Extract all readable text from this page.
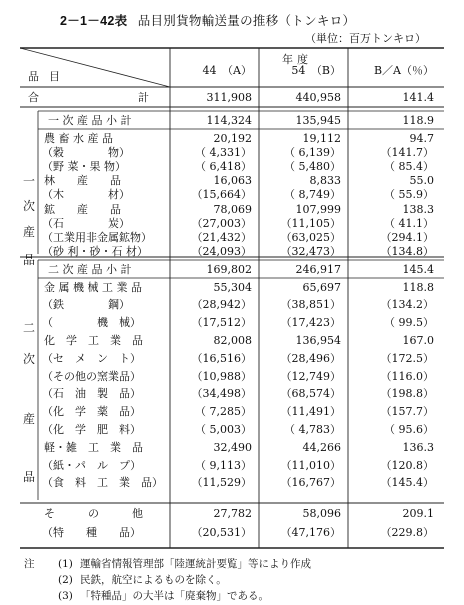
2－1－42表 品目別貨物輸送量の推移（トンキロ）
（単位：百万トンキロ）
年度
品目	44　（A）	54　（B）	B／A（％）
一
次
産
品
二
次
産
品
合　　　　　　　　　計	311,908	440,958	141.4
一 次 産 品 小 計	114,324	135,945	118.9
農 畜 水 産 品	20,192	19,112	94.7
（穀　　　　物）	（ 4,331）	（ 6,139）	（141.7）
（野 菜・果 物）	（ 6,418）	（ 5,480）	（ 85.4）
林　　産　　品	16,063	8,833	55.0
（木　　　　材）	（15,664）	（ 8,749）	（ 55.9）
鉱　　産　　品	78,069	107,999	138.3
（石　　　　炭）	（27,003）	（11,105）	（ 41.1）
（工業用非金属鉱物）	（21,432）	（63,025）	（294.1）
（砂 利・砂・石 材）	（24,093）	（32,473）	（134.8）
二 次 産 品 小 計	169,802	246,917	145.4
金 属 機 械 工 業 品	55,304	65,697	118.8
（鉄　　　　鋼）	（28,942）	（38,851）	（134.2）
（　　　　機　械）	（17,512）	（17,423）	（ 99.5）
化　学　工　業　品	82,008	136,954	167.0
（セ　メ　ン　ト）	（16,516）	（28,496）	（172.5）
（その他の窯業品）	（10,988）	（12,749）	（116.0）
（石　油　製　品）	（34,498）	（68,574）	（198.8）
（化　学　薬　品）	（ 7,285）	（11,491）	（157.7）
（化　学　肥　料）	（ 5,003）	（ 4,783）	（ 95.6）
軽・雑　工　業　品	32,490	44,266	136.3
（紙・パ　ル　プ）	（ 9,113）	（11,010）	（120.8）
（食　料　工　業　品）	（11,529）	（16,767）	（145.4）
そ　　　の　　　他	27,782	58,096	209.1
（特　　種　　品）	（20,531）	（47,176）	（229.8）
注 (1) 運輸省情報管理部「陸運統計要覧」等により作成
(2) 民鉄，航空によるものを除く。
(3) 「特種品」の大半は「廃棄物」である。
